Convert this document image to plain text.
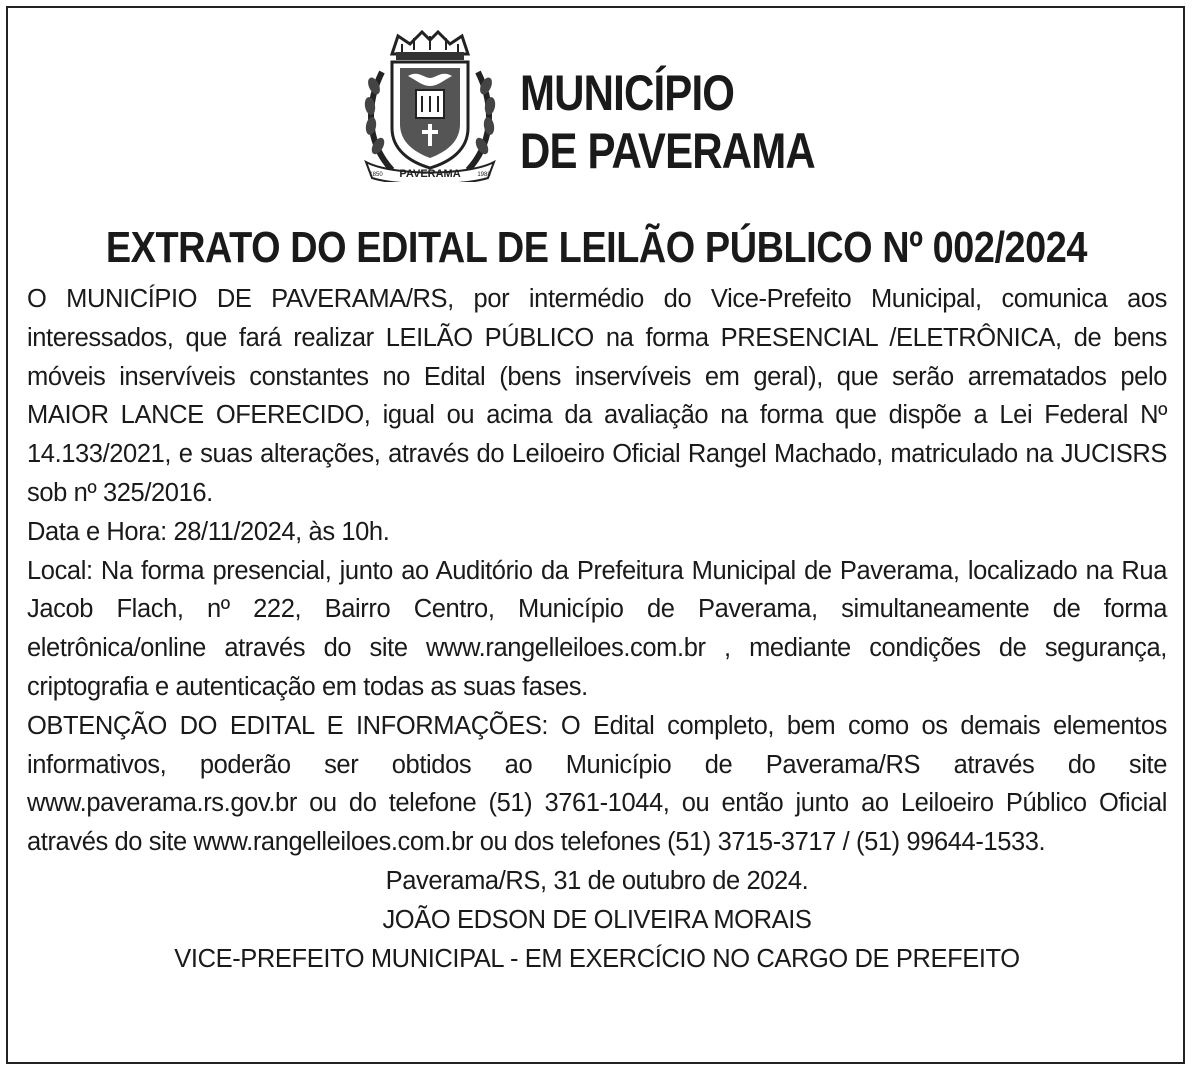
PAVERAMA
1850	1988
MUNICÍPIO
DE PAVERAMA
EXTRATO DO EDITAL DE LEILÃO PÚBLICO Nº 002/2024

O MUNICÍPIO DE PAVERAMA/RS, por intermédio do Vice-Prefeito Municipal, comunica aos interessados, que fará realizar LEILÃO PÚBLICO na forma PRESENCIAL /ELETRÔNICA, de bens móveis inservíveis constantes no Edital (bens inservíveis em geral), que serão arrematados pelo MAIOR LANCE OFERECIDO, igual ou acima da avaliação na forma que dispõe a Lei Federal Nº 14.133/2021, e suas alterações, através do Leiloeiro Oficial Rangel Machado, matriculado na JUCISRS sob nº 325/2016.

Data e Hora: 28/11/2024, às 10h.

Local: Na forma presencial, junto ao Auditório da Prefeitura Municipal de Paverama, localizado na Rua Jacob Flach, nº 222, Bairro Centro, Município de Paverama, simultaneamente de forma eletrônica/online através do site www.rangelleiloes.com.br , mediante condições de segurança, criptografia e autenticação em todas as suas fases.

OBTENÇÃO DO EDITAL E INFORMAÇÕES: O Edital completo, bem como os demais elementos informativos, poderão ser obtidos ao Município de Paverama/RS através do site www.paverama.rs.gov.br ou do telefone (51) 3761-1044, ou então junto ao Leiloeiro Público Oficial através do site www.rangelleiloes.com.br ou dos telefones (51) 3715-3717 / (51) 99644-1533.

Paverama/RS, 31 de outubro de 2024.

JOÃO EDSON DE OLIVEIRA MORAIS

VICE-PREFEITO MUNICIPAL - EM EXERCÍCIO NO CARGO DE PREFEITO
